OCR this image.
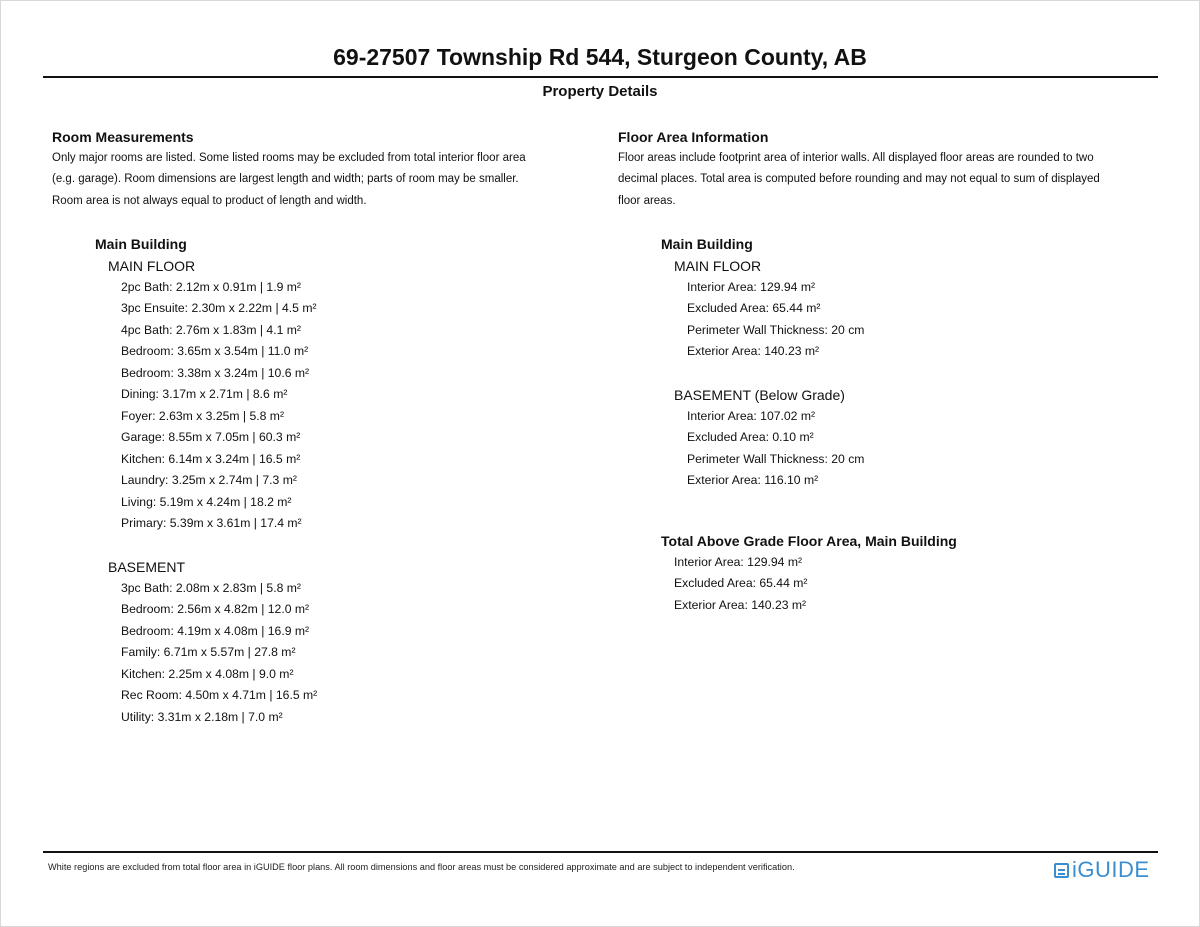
69-27507 Township Rd 544, Sturgeon County, AB
Property Details
Room Measurements
Only major rooms are listed. Some listed rooms may be excluded from total interior floor area
(e.g. garage). Room dimensions are largest length and width; parts of room may be smaller.
Room area is not always equal to product of length and width.
Main Building
MAIN FLOOR
2pc Bath: 2.12m x 0.91m | 1.9 m²
3pc Ensuite: 2.30m x 2.22m | 4.5 m²
4pc Bath: 2.76m x 1.83m | 4.1 m²
Bedroom: 3.65m x 3.54m | 11.0 m²
Bedroom: 3.38m x 3.24m | 10.6 m²
Dining: 3.17m x 2.71m | 8.6 m²
Foyer: 2.63m x 3.25m | 5.8 m²
Garage: 8.55m x 7.05m | 60.3 m²
Kitchen: 6.14m x 3.24m | 16.5 m²
Laundry: 3.25m x 2.74m | 7.3 m²
Living: 5.19m x 4.24m | 18.2 m²
Primary: 5.39m x 3.61m | 17.4 m²
BASEMENT
3pc Bath: 2.08m x 2.83m | 5.8 m²
Bedroom: 2.56m x 4.82m | 12.0 m²
Bedroom: 4.19m x 4.08m | 16.9 m²
Family: 6.71m x 5.57m | 27.8 m²
Kitchen: 2.25m x 4.08m | 9.0 m²
Rec Room: 4.50m x 4.71m | 16.5 m²
Utility: 3.31m x 2.18m | 7.0 m²
Floor Area Information
Floor areas include footprint area of interior walls. All displayed floor areas are rounded to two
decimal places. Total area is computed before rounding and may not equal to sum of displayed
floor areas.
Main Building
MAIN FLOOR
Interior Area: 129.94 m²
Excluded Area: 65.44 m²
Perimeter Wall Thickness: 20 cm
Exterior Area: 140.23 m²
BASEMENT (Below Grade)
Interior Area: 107.02 m²
Excluded Area: 0.10 m²
Perimeter Wall Thickness: 20 cm
Exterior Area: 116.10 m²
Total Above Grade Floor Area, Main Building
Interior Area: 129.94 m²
Excluded Area: 65.44 m²
Exterior Area: 140.23 m²
White regions are excluded from total floor area in iGUIDE floor plans. All room dimensions and floor areas must be considered approximate and are subject to independent verification.	iGUIDE
